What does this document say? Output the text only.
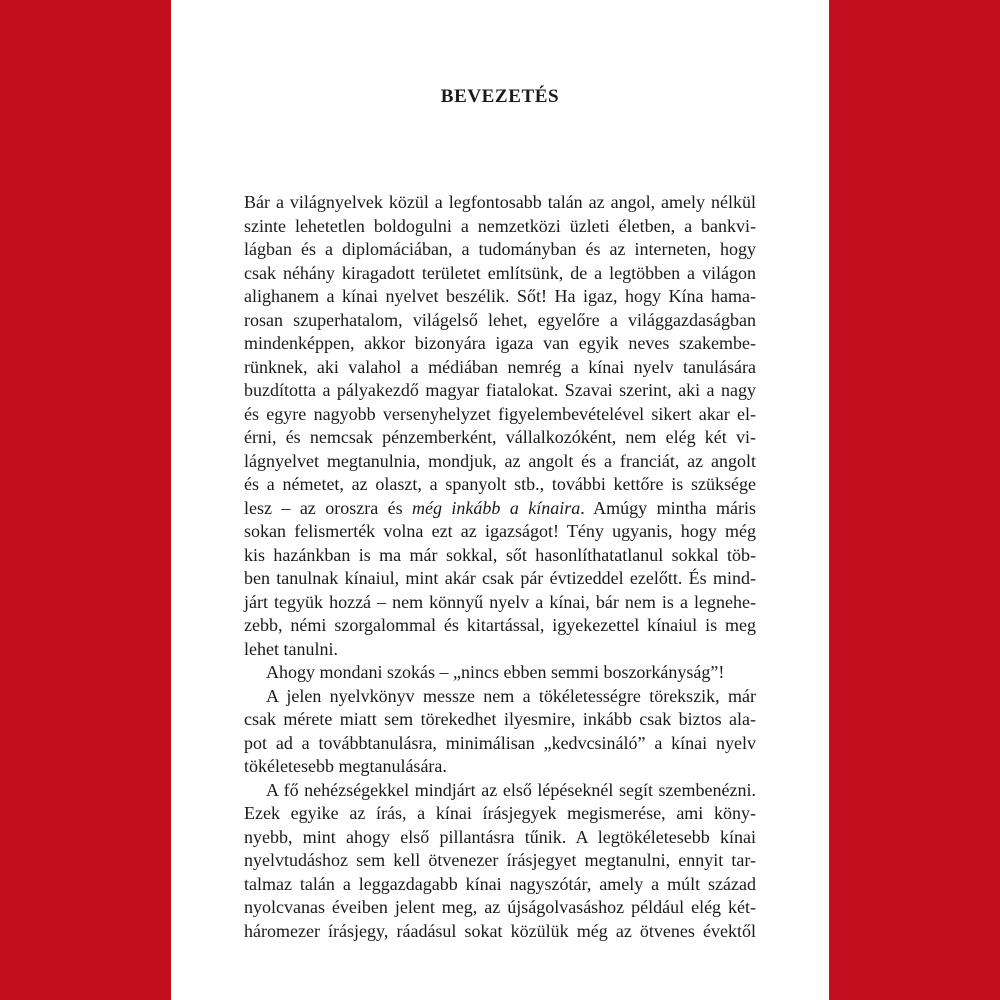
BEVEZETÉS
Bár a világnyelvek közül a legfontosabb talán az angol, amely nélkül
szinte lehetetlen boldogulni a nemzetközi üzleti életben, a bankvi-
lágban és a diplomáciában, a tudományban és az interneten, hogy
csak néhány kiragadott területet említsünk, de a legtöbben a világon
alighanem a kínai nyelvet beszélik. Sőt! Ha igaz, hogy Kína hama-
rosan szuperhatalom, világelső lehet, egyelőre a világgazdaságban
mindenképpen, akkor bizonyára igaza van egyik neves szakembe-
rünknek, aki valahol a médiában nemrég a kínai nyelv tanulására
buzdította a pályakezdő magyar fiatalokat. Szavai szerint, aki a nagy
és egyre nagyobb versenyhelyzet figyelembevételével sikert akar el-
érni, és nemcsak pénzemberként, vállalkozóként, nem elég két vi-
lágnyelvet megtanulnia, mondjuk, az angolt és a franciát, az angolt
és a németet, az olaszt, a spanyolt stb., további kettőre is szüksége
lesz – az oroszra és még inkább a kínaira. Amúgy mintha máris
sokan felismerték volna ezt az igazságot! Tény ugyanis, hogy még
kis hazánkban is ma már sokkal, sőt hasonlíthatatlanul sokkal töb-
ben tanulnak kínaiul, mint akár csak pár évtizeddel ezelőtt. És mind-
járt tegyük hozzá – nem könnyű nyelv a kínai, bár nem is a legnehe-
zebb, némi szorgalommal és kitartással, igyekezettel kínaiul is meg
lehet tanulni.
Ahogy mondani szokás – „nincs ebben semmi boszorkányság”!
A jelen nyelvkönyv messze nem a tökéletességre törekszik, már
csak mérete miatt sem törekedhet ilyesmire, inkább csak biztos ala-
pot ad a továbbtanulásra, minimálisan „kedvcsináló” a kínai nyelv
tökéletesebb megtanulására.
A fő nehézségekkel mindjárt az első lépéseknél segít szembenézni.
Ezek egyike az írás, a kínai írásjegyek megismerése, ami köny-
nyebb, mint ahogy első pillantásra tűnik. A legtökéletesebb kínai
nyelvtudáshoz sem kell ötvenezer írásjegyet megtanulni, ennyit tar-
talmaz talán a leggazdagabb kínai nagyszótár, amely a múlt század
nyolcvanas éveiben jelent meg, az újságolvasáshoz például elég két-
háromezer írásjegy, ráadásul sokat közülük még az ötvenes évektől
